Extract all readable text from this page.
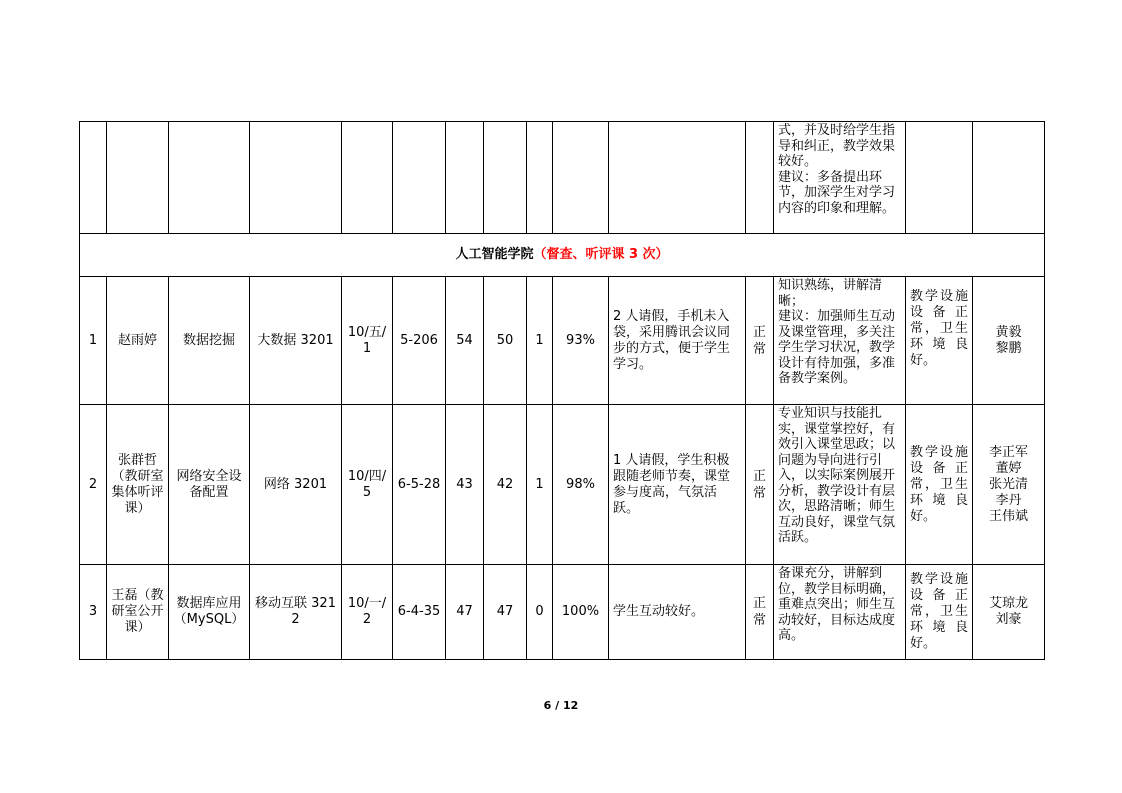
												式，并及时给学生指导和纠正，教学效果较好。
建议：多备提出环节，加深学生对学习内容的印象和理解。		
人工智能学院（督查、听评课 3 次）														
1	赵雨婷	数据挖掘	大数据 3201	10/五/1	5-206	54	50	1	93%	2 人请假，手机未入袋，采用腾讯会议同步的方式，便于学生学习。	正常	知识熟练，讲解清晰；
建议：加强师生互动及课堂管理，多关注学生学习状况，教学设计有待加强，多准备教学案例。	教学设施设备正常，卫生环境良好。	黄毅
黎鹏
2	张群哲（教研室集体听评课）	网络安全设备配置	网络 3201	10/四/5	6-5-28	43	42	1	98%	1 人请假，学生积极跟随老师节奏，课堂参与度高，气氛活跃。	正常	专业知识与技能扎实，课堂掌控好，有效引入课堂思政；以问题为导向进行引入，以实际案例展开分析，教学设计有层次，思路清晰；师生互动良好，课堂气氛活跃。	教学设施设备正常，卫生环境良好。	李正军
董婷
张光清
李丹
王伟斌
3	王磊（教研室公开课）	数据库应用（MySQL）	移动互联 3212	10/一/2	6-4-35	47	47	0	100%	学生互动较好。	正常	备课充分，讲解到位，教学目标明确，重难点突出；师生互动较好，目标达成度高。	教学设施设备正常，卫生环境良好。	艾琼龙
刘豪
6 / 12
